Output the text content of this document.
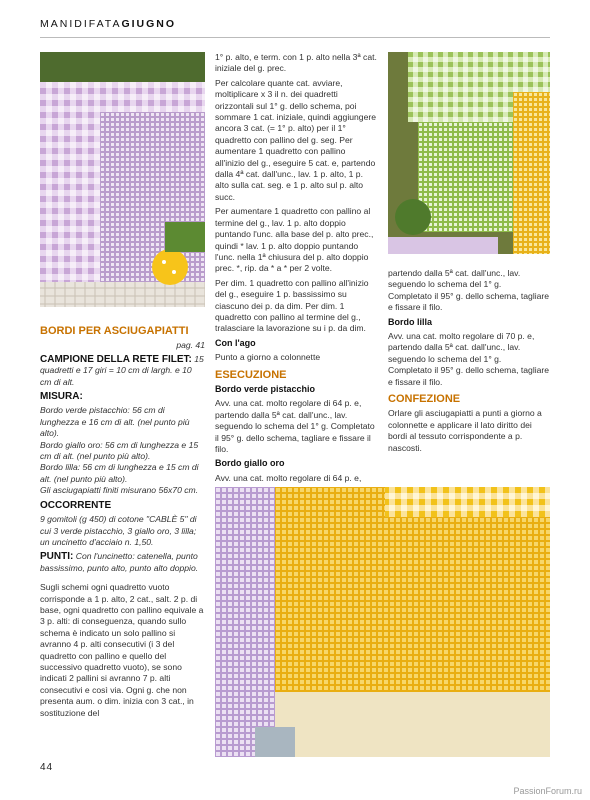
MANIDIFATAGIUGNO

BORDI PER ASCIUGAPIATTI

pag. 41

CAMPIONE DELLA RETE FILET: 15 quadretti e 17 giri = 10 cm di largh. e 10 cm di alt.

MISURA:

Bordo verde pistacchio: 56 cm di lunghezza e 16 cm di alt. (nel punto più alto).

Bordo giallo oro: 56 cm di lunghezza e 15 cm di alt. (nel punto più alto).

Bordo lilla: 56 cm di lunghezza e 15 cm di alt. (nel punto più alto).

Gli asciugapiatti finiti misurano 56x70 cm.

OCCORRENTE

9 gomitoli (g 450) di cotone "CABLÈ 5" di cui 3 verde pistacchio, 3 giallo oro, 3 lilla; un uncinetto d'acciaio n. 1,50.

PUNTI: Con l'uncinetto: catenella, punto bassissimo, punto alto, punto alto doppio.

Sugli schemi ogni quadretto vuoto corrisponde a 1 p. alto, 2 cat., salt. 2 p. di base, ogni quadretto con pallino equivale a 3 p. alti: di conseguenza, quando sullo schema è indicato un solo pallino si avranno 4 p. alti consecutivi (i 3 del quadretto con pallino e quello del successivo quadretto vuoto), se sono indicati 2 pallini si avranno 7 p. alti consecutivi e così via. Ogni g. che non presenta aum. o dim. inizia con 3 cat., in sostituzione del

1° p. alto, e term. con 1 p. alto nella 3ª cat. iniziale del g. prec.

Per calcolare quante cat. avviare, moltiplicare x 3 il n. dei quadretti orizzontali sul 1° g. dello schema, poi sommare 1 cat. iniziale, quindi aggiungere ancora 3 cat. (= 1° p. alto) per il 1° quadretto con pallino del g. seg. Per aumentare 1 quadretto con pallino all'inizio del g., eseguire 5 cat. e, partendo dalla 4ª cat. dall'unc., lav. 1 p. alto, 1 p. alto sulla cat. seg. e 1 p. alto sul p. alto succ.

Per aumentare 1 quadretto con pallino al termine del g., lav. 1 p. alto doppio puntando l'unc. alla base del p. alto prec., quindi * lav. 1 p. alto doppio puntando l'unc. nella 1ª chiusura del p. alto doppio prec. *, rip. da * a * per 2 volte.

Per dim. 1 quadretto con pallino all'inizio del g., eseguire 1 p. bassissimo su ciascuno dei p. da dim. Per dim. 1 quadretto con pallino al termine del g., tralasciare la lavorazione su i p. da dim.

Con l'ago

Punto a giorno a colonnette

ESECUZIONE

Bordo verde pistacchio

Avv. una cat. molto regolare di 64 p. e, partendo dalla 5ª cat. dall'unc., lav. seguendo lo schema del 1° g. Completato il 95° g. dello schema, tagliare e fissare il filo.

Bordo giallo oro

Avv. una cat. molto regolare di 64 p. e,

partendo dalla 5ª cat. dall'unc., lav. seguendo lo schema del 1° g.

Completato il 95° g. dello schema, tagliare e fissare il filo.

Bordo lilla

Avv. una cat. molto regolare di 70 p. e, partendo dalla 5ª cat. dall'unc., lav. seguendo lo schema del 1° g.

Completato il 95° g. dello schema, tagliare e fissare il filo.

CONFEZIONE

Orlare gli asciugapiatti a punti a giorno a colonnette e applicare il lato diritto dei bordi al tessuto corrispondente a p. nascosti.

44
PassionForum.ru
